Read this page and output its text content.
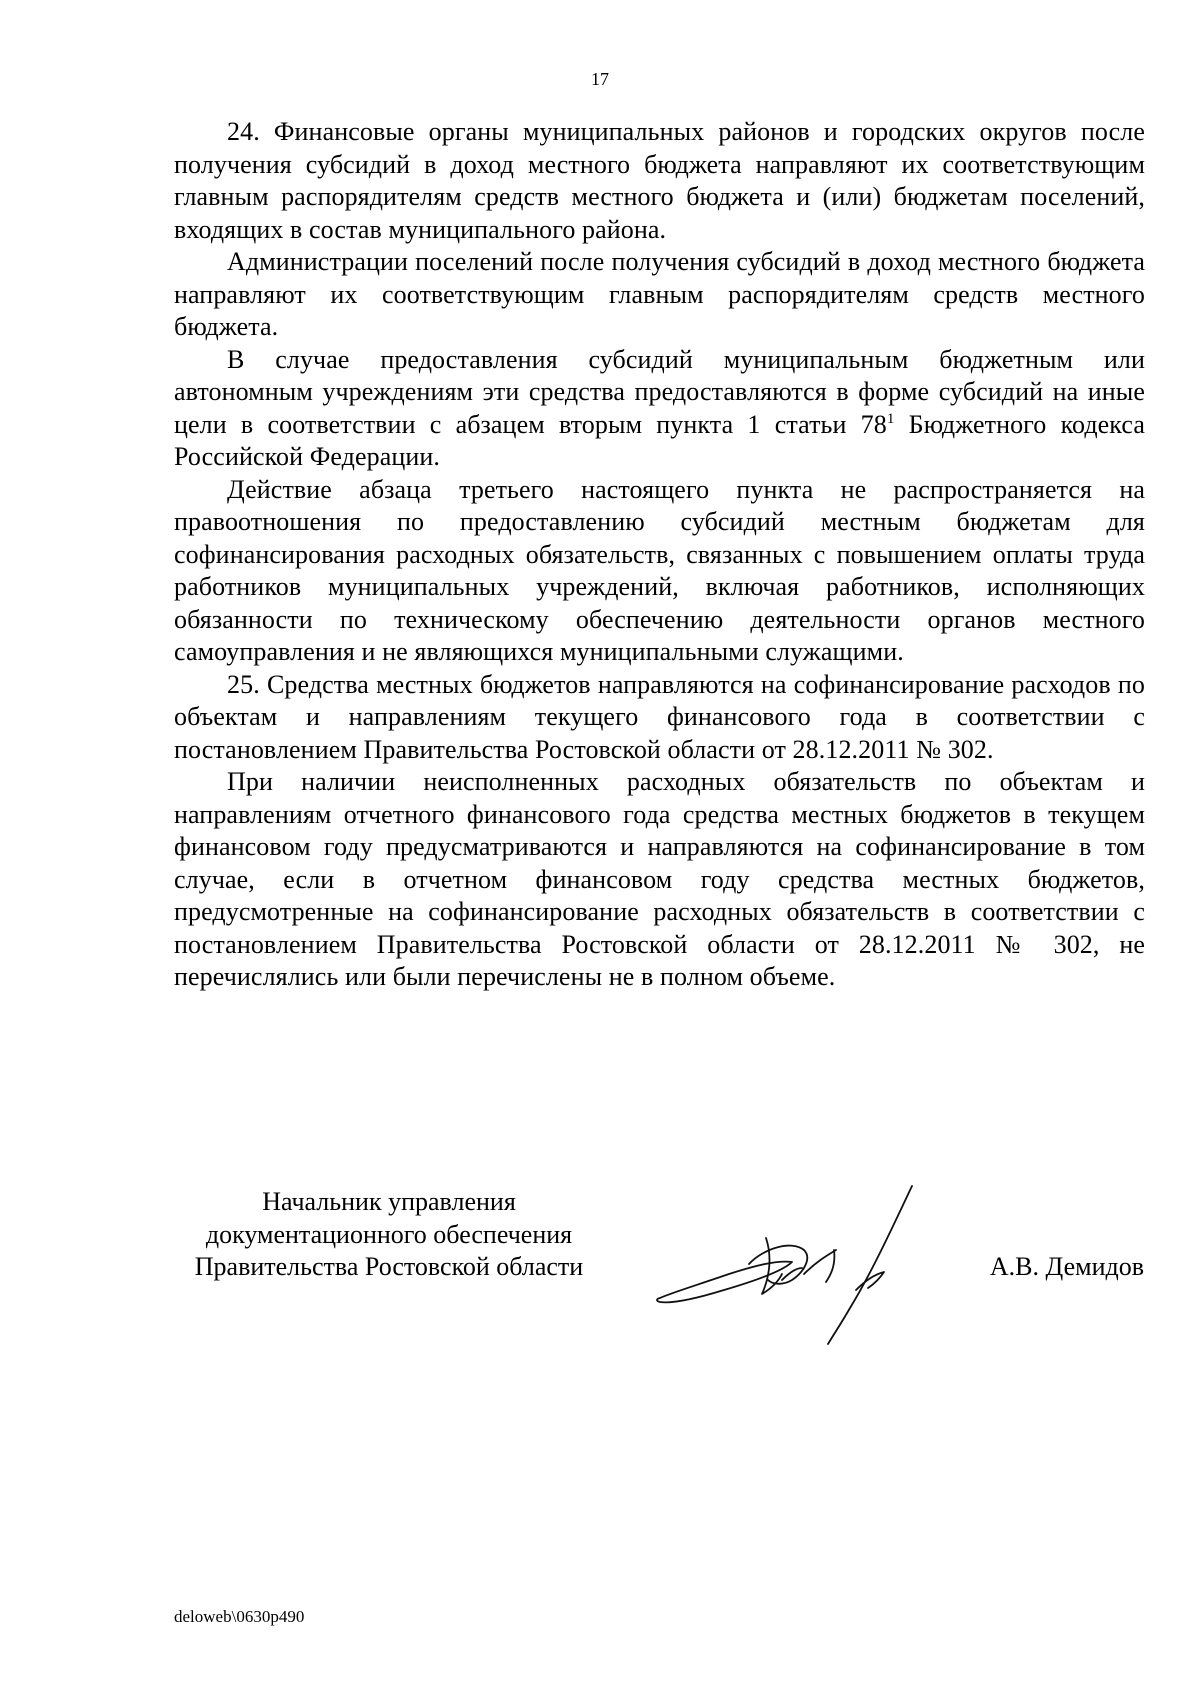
17

24. Финансовые органы муниципальных районов и городских округов после получения субсидий в доход местного бюджета направляют их соответствующим главным распорядителям средств местного бюджета и (или) бюджетам поселений, входящих в состав муниципального района.

Администрации поселений после получения субсидий в доход местного бюджета направляют их соответствующим главным распорядителям средств местного бюджета.

В случае предоставления субсидий муниципальным бюджетным или автономным учреждениям эти средства предоставляются в форме субсидий на иные цели в соответствии с абзацем вторым пункта 1 статьи $78^1$ Бюджетного кодекса Российской Федерации.

Действие абзаца третьего настоящего пункта не распространяется на правоотношения по предоставлению субсидий местным бюджетам для софинансирования расходных обязательств, связанных с повышением оплаты труда работников муниципальных учреждений, включая работников, исполняющих обязанности по техническому обеспечению деятельности органов местного самоуправления и не являющихся муниципальными служащими.

25. Средства местных бюджетов направляются на софинансирование расходов по объектам и направлениям текущего финансового года в соответствии с постановлением Правительства Ростовской области от 28.12.2011 № 302.

При наличии неисполненных расходных обязательств по объектам и направлениям отчетного финансового года средства местных бюджетов в текущем финансовом году предусматриваются и направляются на софинансирование в том случае, если в отчетном финансовом году средства местных бюджетов, предусмотренные на софинансирование расходных обязательств в соответствии с постановлением Правительства Ростовской области от 28.12.2011 № 302, не перечислялись или были перечислены не в полном объеме.

Начальник управления
документационного обеспечения
Правительства Ростовской области	А.В. Демидов
deloweb\0630p490
